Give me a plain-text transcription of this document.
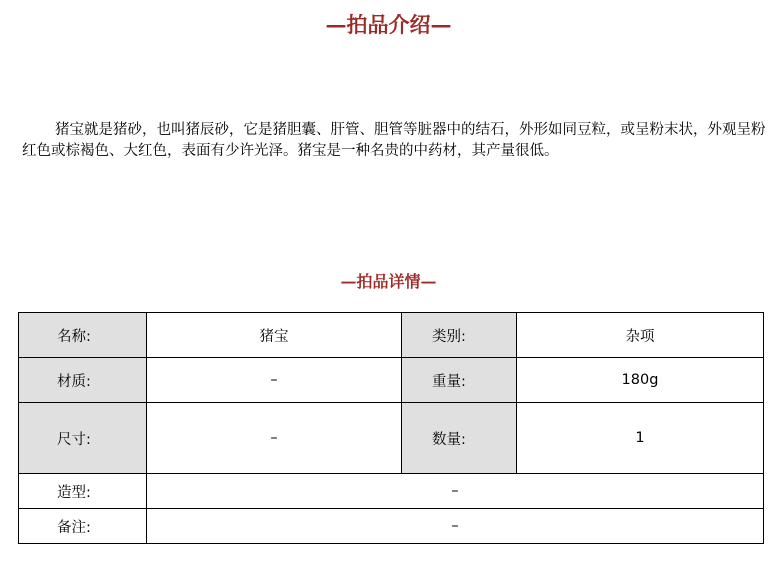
—拍品介绍—

猪宝就是猪砂，也叫猪辰砂，它是猪胆囊、肝管、胆管等脏器中的结石，外形如同豆粒，或呈粉末状，外观呈粉红色或棕褐色、大红色，表面有少许光泽。猪宝是一种名贵的中药材，其产量很低。

—拍品详情—
名称:	猪宝	类别:	杂项
材质:	–	重量:	180g
尺寸:	–	数量:	1
造型:	–		
备注:	–		
